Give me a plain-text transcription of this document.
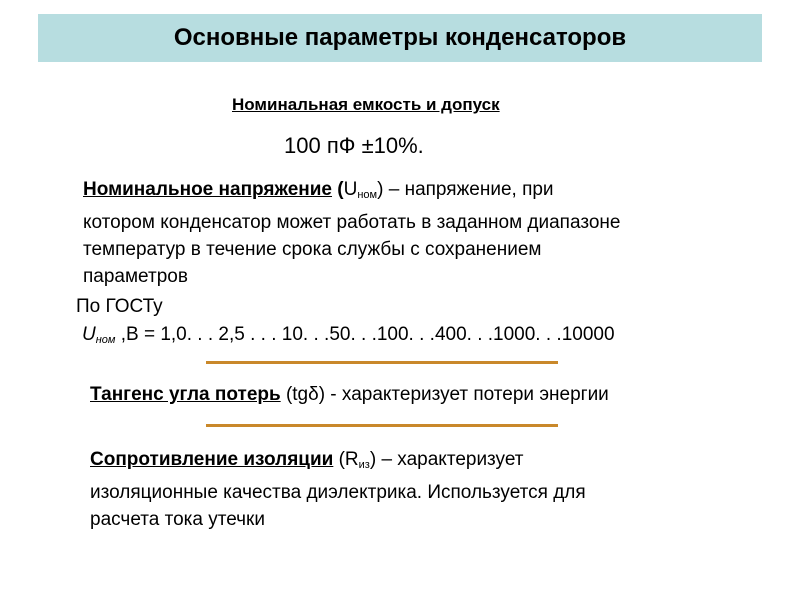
Основные параметры конденсаторов
Номинальная емкость и допуск
100 пФ ±10%.
Номинальное напряжение $(U_{ном})$ – напряжение, при
котором конденсатор может работать в заданном диапазоне
температур в течение срока службы с сохранением
параметров
По ГОСТу
$U_{ном}$ ,В = 1,0. . . 2,5 . . . 10. . .50. . .100. . .400. . .1000. . .10000
Тангенс угла потерь (tgδ) - характеризует потери энергии
Сопротивление изоляции $(R_{из})$ – характеризует
изоляционные качества диэлектрика. Используется для
расчета тока утечки
